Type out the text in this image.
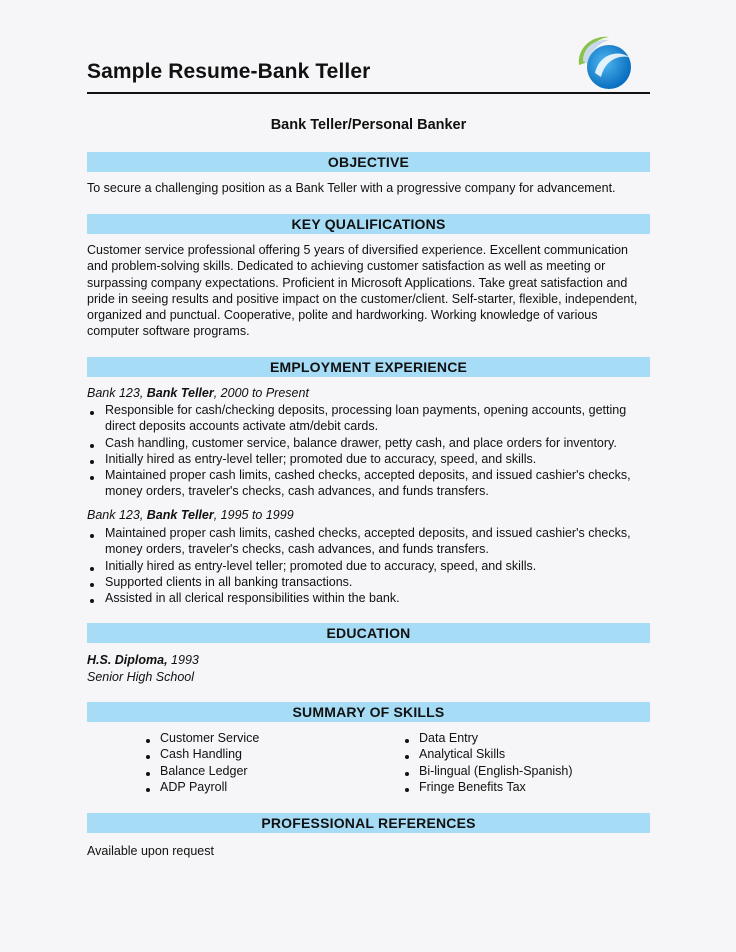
Sample Resume-Bank Teller
Bank Teller/Personal Banker
OBJECTIVE
To secure a challenging position as a Bank Teller with a progressive company for advancement.
KEY QUALIFICATIONS
Customer service professional offering 5 years of diversified experience. Excellent communication and problem-solving skills. Dedicated to achieving customer satisfaction as well as meeting or surpassing company expectations. Proficient in Microsoft Applications. Take great satisfaction and pride in seeing results and positive impact on the customer/client. Self-starter, flexible, independent, organized and punctual. Cooperative, polite and hardworking. Working knowledge of various computer software programs.
EMPLOYMENT EXPERIENCE
Bank 123, Bank Teller, 2000 to Present
Responsible for cash/checking deposits, processing loan payments, opening accounts, getting direct deposits accounts activate atm/debit cards.
Cash handling, customer service, balance drawer, petty cash, and place orders for inventory.
Initially hired as entry-level teller; promoted due to accuracy, speed, and skills.
Maintained proper cash limits, cashed checks, accepted deposits, and issued cashier's checks, money orders, traveler's checks, cash advances, and funds transfers.
Bank 123, Bank Teller, 1995 to 1999
Maintained proper cash limits, cashed checks, accepted deposits, and issued cashier's checks, money orders, traveler's checks, cash advances, and funds transfers.
Initially hired as entry-level teller; promoted due to accuracy, speed, and skills.
Supported clients in all banking transactions.
Assisted in all clerical responsibilities within the bank.
EDUCATION
H.S. Diploma, 1993
Senior High School
SUMMARY OF SKILLS
Customer Service
Cash Handling
Balance Ledger
ADP Payroll
Data Entry
Analytical Skills
Bi-lingual (English-Spanish)
Fringe Benefits Tax
PROFESSIONAL REFERENCES
Available upon request
